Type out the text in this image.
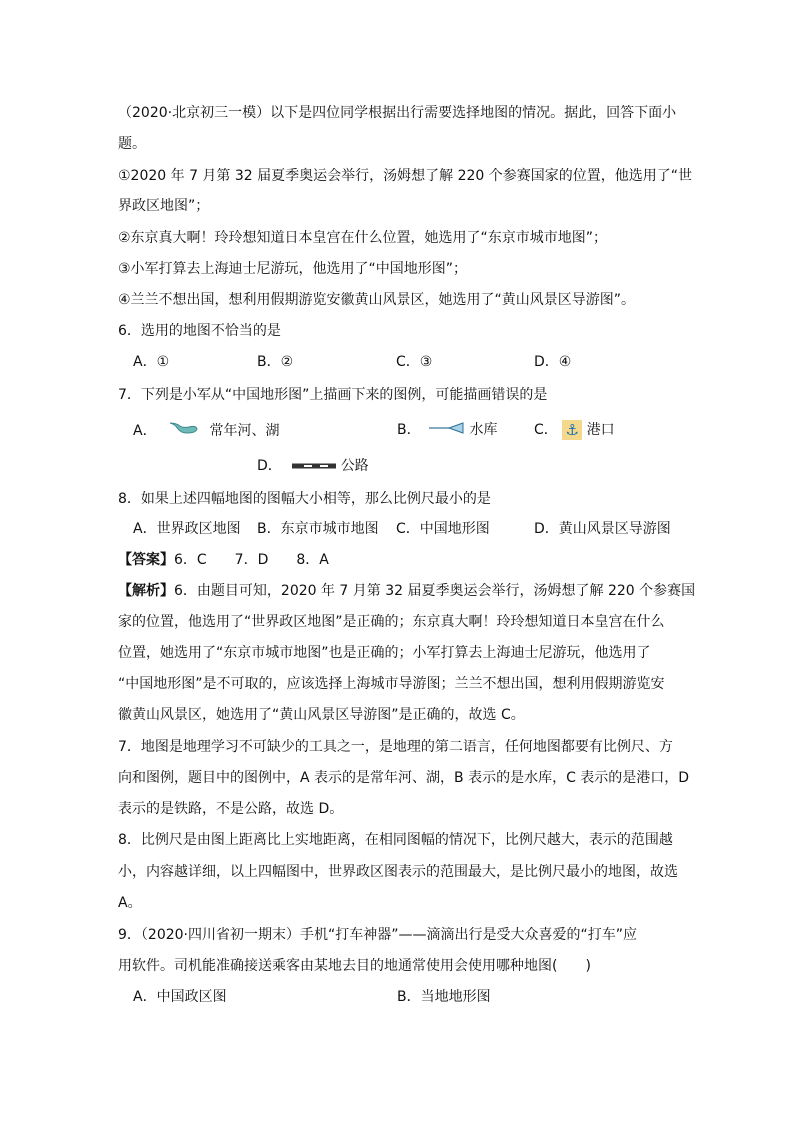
（2020·北京初三一模）以下是四位同学根据出行需要选择地图的情况。据此，回答下面小
题。
①2020 年 7 月第 32 届夏季奥运会举行，汤姆想了解 220 个参赛国家的位置，他选用了“世
界政区地图”；
②东京真大啊！玲玲想知道日本皇宫在什么位置，她选用了“东京市城市地图”；
③小军打算去上海迪士尼游玩，他选用了“中国地形图”；
④兰兰不想出国，想利用假期游览安徽黄山风景区，她选用了“黄山风景区导游图”。
6．选用的地图不恰当的是
A．①	B．②	C．③	D．④
7．下列是小军从“中国地形图”上描画下来的图例，可能描画错误的是
A．	常年河、湖	B．	水库	C． ⚓ 港口
D．	公路
8．如果上述四幅地图的图幅大小相等，那么比例尺最小的是
A．世界政区地图 B．东京市城市地图 C．中国地形图	D．黄山风景区导游图
【答案】6．C　　7．D　　8．A
【解析】6．由题目可知，2020 年 7 月第 32 届夏季奥运会举行，汤姆想了解 220 个参赛国
家的位置，他选用了“世界政区地图”是正确的；东京真大啊！玲玲想知道日本皇宫在什么
位置，她选用了“东京市城市地图”也是正确的；小军打算去上海迪士尼游玩，他选用了
“中国地形图”是不可取的，应该选择上海城市导游图；兰兰不想出国，想利用假期游览安
徽黄山风景区，她选用了“黄山风景区导游图”是正确的，故选 C。
7．地图是地理学习不可缺少的工具之一，是地理的第二语言，任何地图都要有比例尺、方
向和图例，题目中的图例中，A 表示的是常年河、湖，B 表示的是水库，C 表示的是港口，D
表示的是铁路，不是公路，故选 D。
8．比例尺是由图上距离比上实地距离，在相同图幅的情况下，比例尺越大，表示的范围越
小，内容越详细，以上四幅图中，世界政区图表示的范围最大，是比例尺最小的地图，故选
A。
9．（2020·四川省初一期末）手机“打车神器”——滴滴出行是受大众喜爱的“打车”应
用软件。司机能准确接送乘客由某地去目的地通常使用会使用哪种地图(　　)
A．中国政区图	B．当地地形图
